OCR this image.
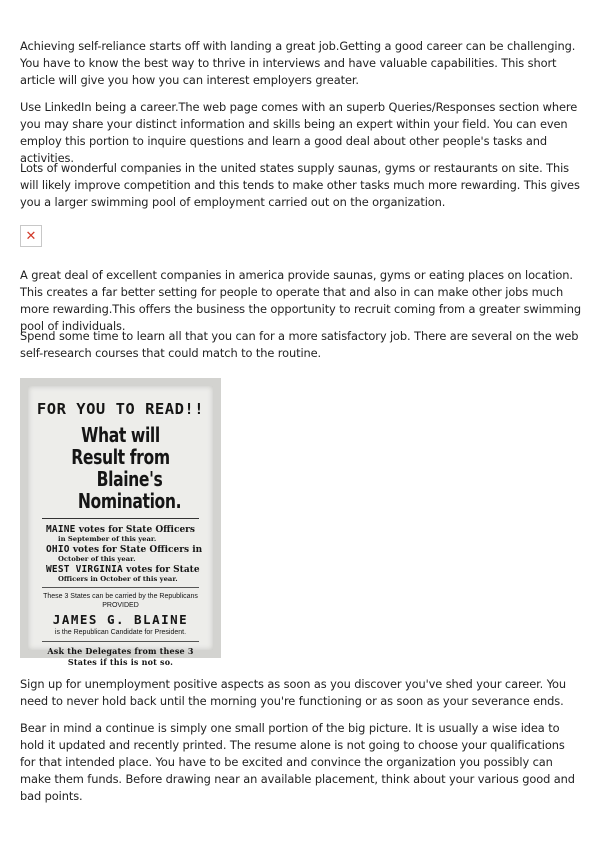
Achieving self-reliance starts off with landing a great job.Getting a good career can be challenging. You have to know the best way to thrive in interviews and have valuable capabilities. This short article will give you how you can interest employers greater.

Use LinkedIn being a career.The web page comes with an superb Queries/Responses section where you may share your distinct information and skills being an expert within your field. You can even employ this portion to inquire questions and learn a good deal about other people's tasks and activities.

Lots of wonderful companies in the united states supply saunas, gyms or restaurants on site. This will likely improve competition and this tends to make other tasks much more rewarding. This gives you a larger swimming pool of employment carried out on the organization.

✕

A great deal of excellent companies in america provide saunas, gyms or eating places on location. This creates a far better setting for people to operate that and also in can make other jobs much more rewarding.This offers the business the opportunity to recruit coming from a greater swimming pool of individuals.

Spend some time to learn all that you can for a more satisfactory job. There are several on the web self-research courses that could match to the routine.

FOR YOU TO READ!!

What will Result from

Blaine's Nomination.

MAINE votes for State Officers

in September of this year.

OHIO votes for State Officers in

October of this year.

WEST VIRGINIA votes for State

Officers in October of this year.

These 3 States can be carried by the Republicans

PROVIDED

JAMES G. BLAINE

is the Republican Candidate for President.

Ask the Delegates from these 3

States if this is not so.

Sign up for unemployment positive aspects as soon as you discover you've shed your career. You need to never hold back until the morning you're functioning or as soon as your severance ends.

Bear in mind a continue is simply one small portion of the big picture. It is usually a wise idea to hold it updated and recently printed. The resume alone is not going to choose your qualifications for that intended place. You have to be excited and convince the organization you possibly can make them funds. Before drawing near an available placement, think about your various good and bad points.
